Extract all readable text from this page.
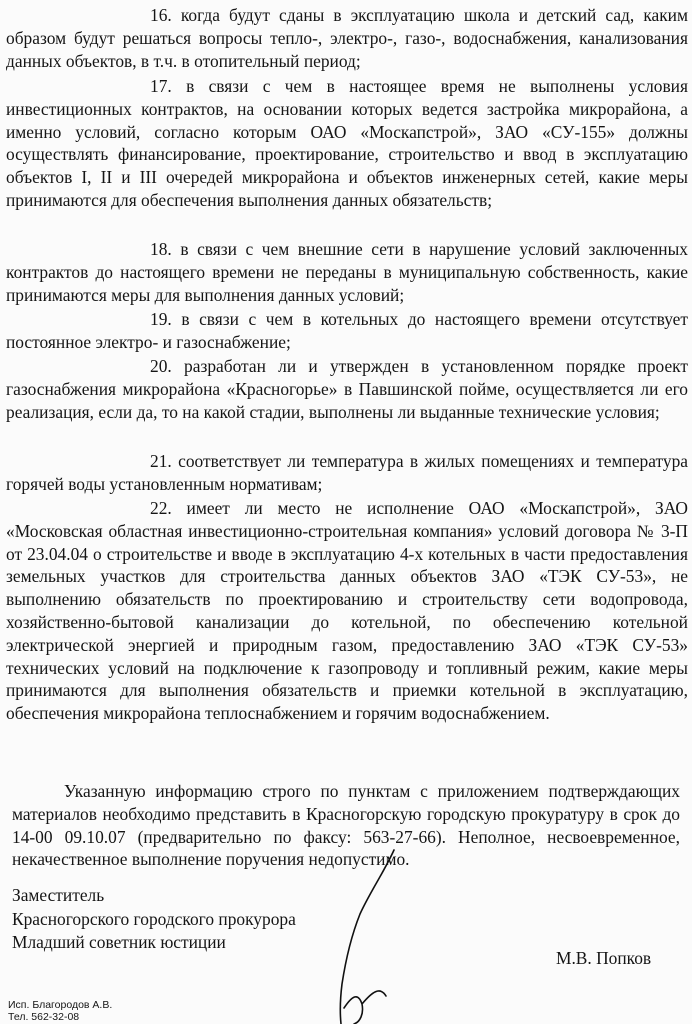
16. когда будут сданы в эксплуатацию школа и детский сад, каким образом будут решаться вопросы тепло-, электро-, газо-, водоснабжения, канализования данных объектов, в т.ч. в отопительный период;

17. в связи с чем в настоящее время не выполнены условия инвестиционных контрактов, на основании которых ведется застройка микрорайона, а именно условий, согласно которым ОАО «Москапстрой», ЗАО «СУ-155» должны осуществлять финансирование, проектирование, строительство и ввод в эксплуатацию объектов I, II и III очередей микрорайона и объектов инженерных сетей, какие меры принимаются для обеспечения выполнения данных обязательств;

18. в связи с чем внешние сети в нарушение условий заключенных контрактов до настоящего времени не переданы в муниципальную собственность, какие принимаются меры для выполнения данных условий;

19. в связи с чем в котельных до настоящего времени отсутствует постоянное электро- и газоснабжение;

20. разработан ли и утвержден в установленном порядке проект газоснабжения микрорайона «Красногорье» в Павшинской пойме, осуществляется ли его реализация, если да, то на какой стадии, выполнены ли выданные технические условия;

21. соответствует ли температура в жилых помещениях и температура горячей воды установленным нормативам;

22. имеет ли место не исполнение ОАО «Москапстрой», ЗАО «Московская областная инвестиционно-строительная компания» условий договора № 3-П от 23.04.04 о строительстве и вводе в эксплуатацию 4-х котельных в части предоставления земельных участков для строительства данных объектов ЗАО «ТЭК СУ-53», не выполнению обязательств по проектированию и строительству сети водопровода, хозяйственно-бытовой канализации до котельной, по обеспечению котельной электрической энергией и природным газом, предоставлению ЗАО «ТЭК СУ-53» технических условий на подключение к газопроводу и топливный режим, какие меры принимаются для выполнения обязательств и приемки котельной в эксплуатацию, обеспечения микрорайона теплоснабжением и горячим водоснабжением.

Указанную информацию строго по пунктам с приложением подтверждающих материалов необходимо представить в Красногорскую городскую прокуратуру в срок до 14-00 09.10.07 (предварительно по факсу: 563-27-66). Неполное, несвоевременное, некачественное выполнение поручения недопустимо.

Заместитель

Красногорского городского прокурора

Младший советник юстиции

М.В. Попков

Исп. Благородов А.В.

Тел. 562-32-08
